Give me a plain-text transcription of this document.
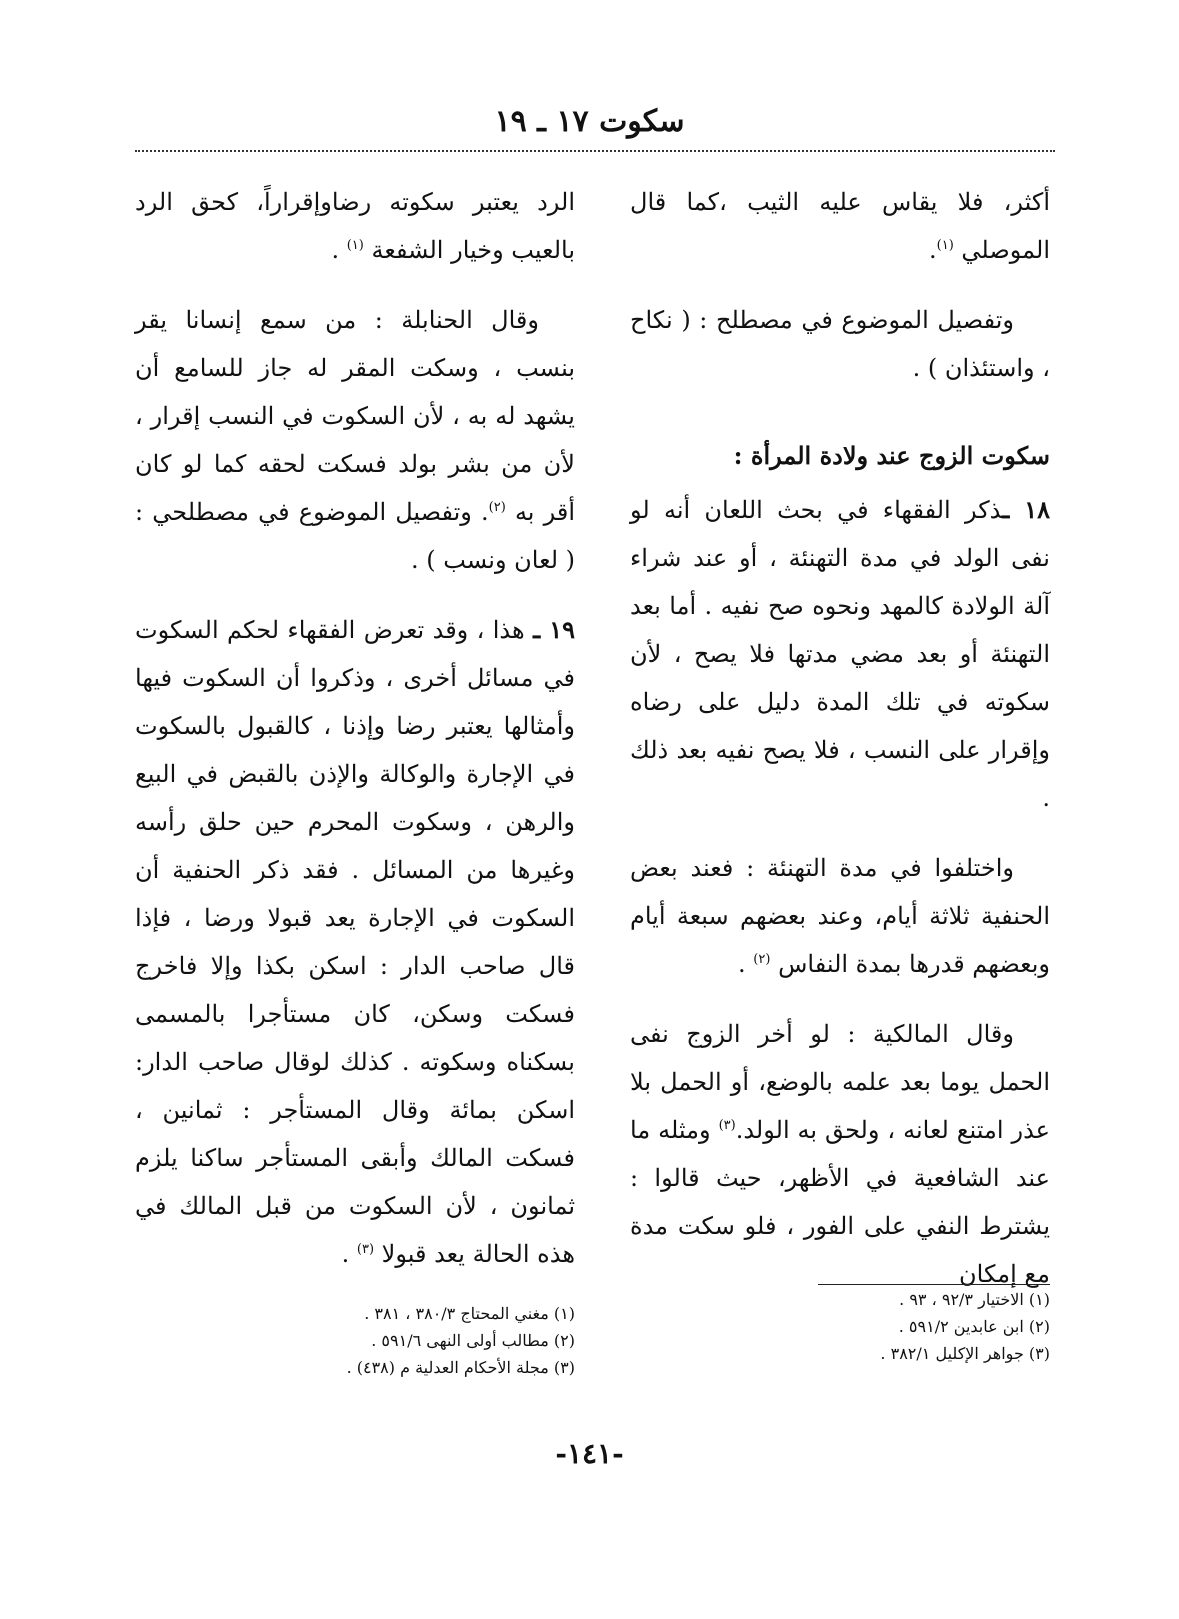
سكوت ١٧ ـ ١٩

أكثر، فلا يقاس عليه الثيب ،كما قال الموصلي $^{(١)}$.

وتفصيل الموضوع في مصطلح : ( نكاح ، واستئذان ) .

سكوت الزوج عند ولادة المرأة :

١٨ ـذكر الفقهاء في بحث اللعان أنه لو نفى الولد في مدة التهنئة ، أو عند شراء آلة الولادة كالمهد ونحوه صح نفيه . أما بعد التهنئة أو بعد مضي مدتها فلا يصح ، لأن سكوته في تلك المدة دليل على رضاه وإقرار على النسب ، فلا يصح نفيه بعد ذلك .

واختلفوا في مدة التهنئة : فعند بعض الحنفية ثلاثة أيام، وعند بعضهم سبعة أيام وبعضهم قدرها بمدة النفاس $^{(٢)}$ .

وقال المالكية : لو أخر الزوج نفى الحمل يوما بعد علمه بالوضع، أو الحمل بلا عذر امتنع لعانه ، ولحق به الولد.$^{(٣)}$ ومثله ما عند الشافعية في الأظهر، حيث قالوا : يشترط النفي على الفور ، فلو سكت مدة مع إمكان

الرد يعتبر سكوته رضاوإقراراً، كحق الرد بالعيب وخيار الشفعة $^{(١)}$ .

وقال الحنابلة : من سمع إنسانا يقر بنسب ، وسكت المقر له جاز للسامع أن يشهد له به ، لأن السكوت في النسب إقرار ، لأن من بشر بولد فسكت لحقه كما لو كان أقر به $^{(٢)}$. وتفصيل الموضوع في مصطلحي : ( لعان ونسب ) .

١٩ ـ هذا ، وقد تعرض الفقهاء لحكم السكوت في مسائل أخرى ، وذكروا أن السكوت فيها وأمثالها يعتبر رضا وإذنا ، كالقبول بالسكوت في الإجارة والوكالة والإذن بالقبض في البيع والرهن ، وسكوت المحرم حين حلق رأسه وغيرها من المسائل . فقد ذكر الحنفية أن السكوت في الإجارة يعد قبولا ورضا ، فإذا قال صاحب الدار : اسكن بكذا وإلا فاخرج فسكت وسكن، كان مستأجرا بالمسمى بسكناه وسكوته . كذلك لوقال صاحب الدار: اسكن بمائة وقال المستأجر : ثمانين ، فسكت المالك وأبقى المستأجر ساكنا يلزم ثمانون ، لأن السكوت من قبل المالك في هذه الحالة يعد قبولا $^{(٣)}$ .

(١) الاختيار ٩٢/٣ ، ٩٣ .
(٢) ابن عابدين ٥٩١/٢ .
(٣) جواهر الإكليل ٣٨٢/١ .
(١) مغني المحتاج ٣٨٠/٣ ، ٣٨١ .
(٢) مطالب أولى النهى ٥٩١/٦ .
(٣) مجلة الأحكام العدلية م (٤٣٨) .
-١٤١-
